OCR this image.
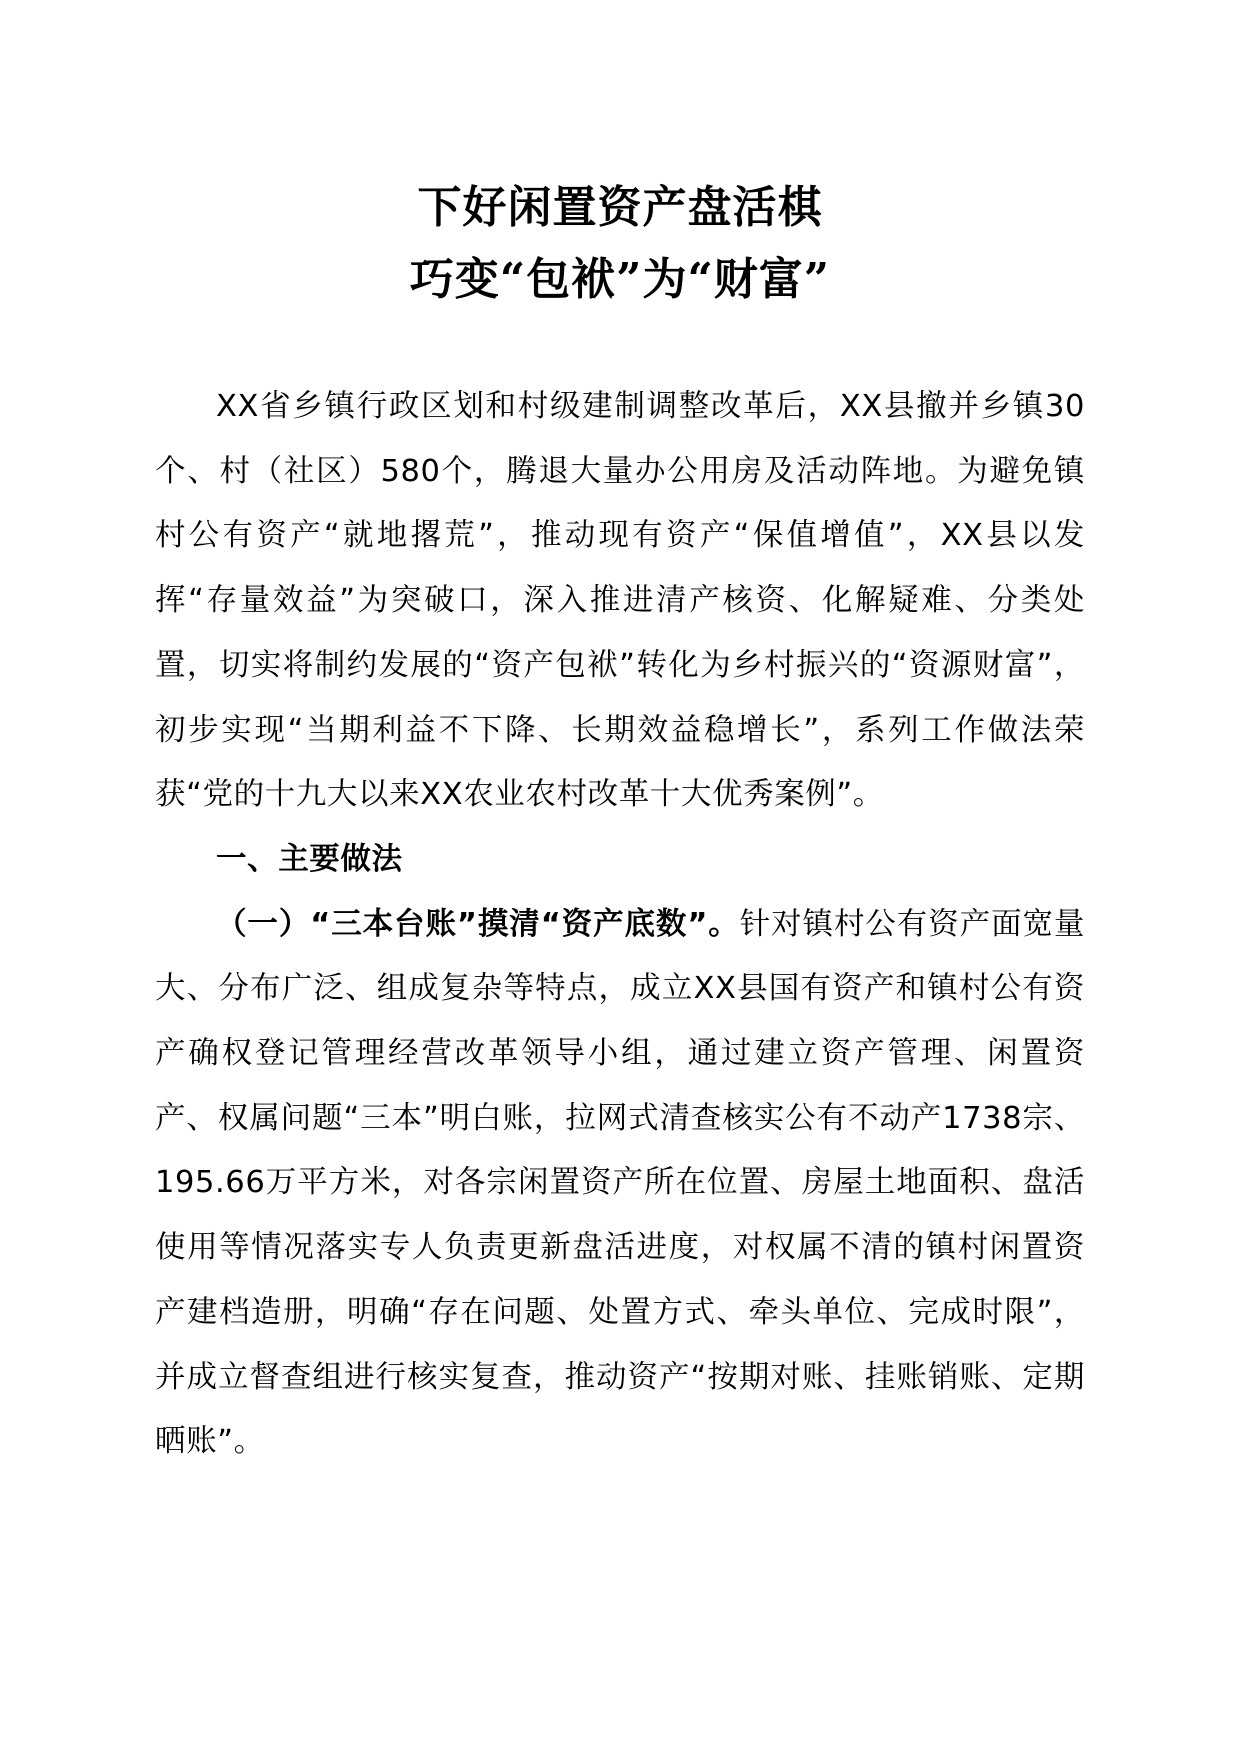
下好闲置资产盘活棋
巧变“包袱”为“财富”

XX省乡镇行政区划和村级建制调整改革后，XX县撤并乡镇30个、村（社区）580个，腾退大量办公用房及活动阵地。为避免镇村公有资产“就地撂荒”，推动现有资产“保值增值”，XX县以发挥“存量效益”为突破口，深入推进清产核资、化解疑难、分类处置，切实将制约发展的“资产包袱”转化为乡村振兴的“资源财富”，初步实现“当期利益不下降、长期效益稳增长”，系列工作做法荣获“党的十九大以来XX农业农村改革十大优秀案例”。

一、主要做法

（一）“三本台账”摸清“资产底数”。针对镇村公有资产面宽量大、分布广泛、组成复杂等特点，成立XX县国有资产和镇村公有资产确权登记管理经营改革领导小组，通过建立资产管理、闲置资产、权属问题“三本”明白账，拉网式清查核实公有不动产1738宗、195.66万平方米，对各宗闲置资产所在位置、房屋土地面积、盘活使用等情况落实专人负责更新盘活进度，对权属不清的镇村闲置资产建档造册，明确“存在问题、处置方式、牵头单位、完成时限”，并成立督查组进行核实复查，推动资产“按期对账、挂账销账、定期晒账”。
